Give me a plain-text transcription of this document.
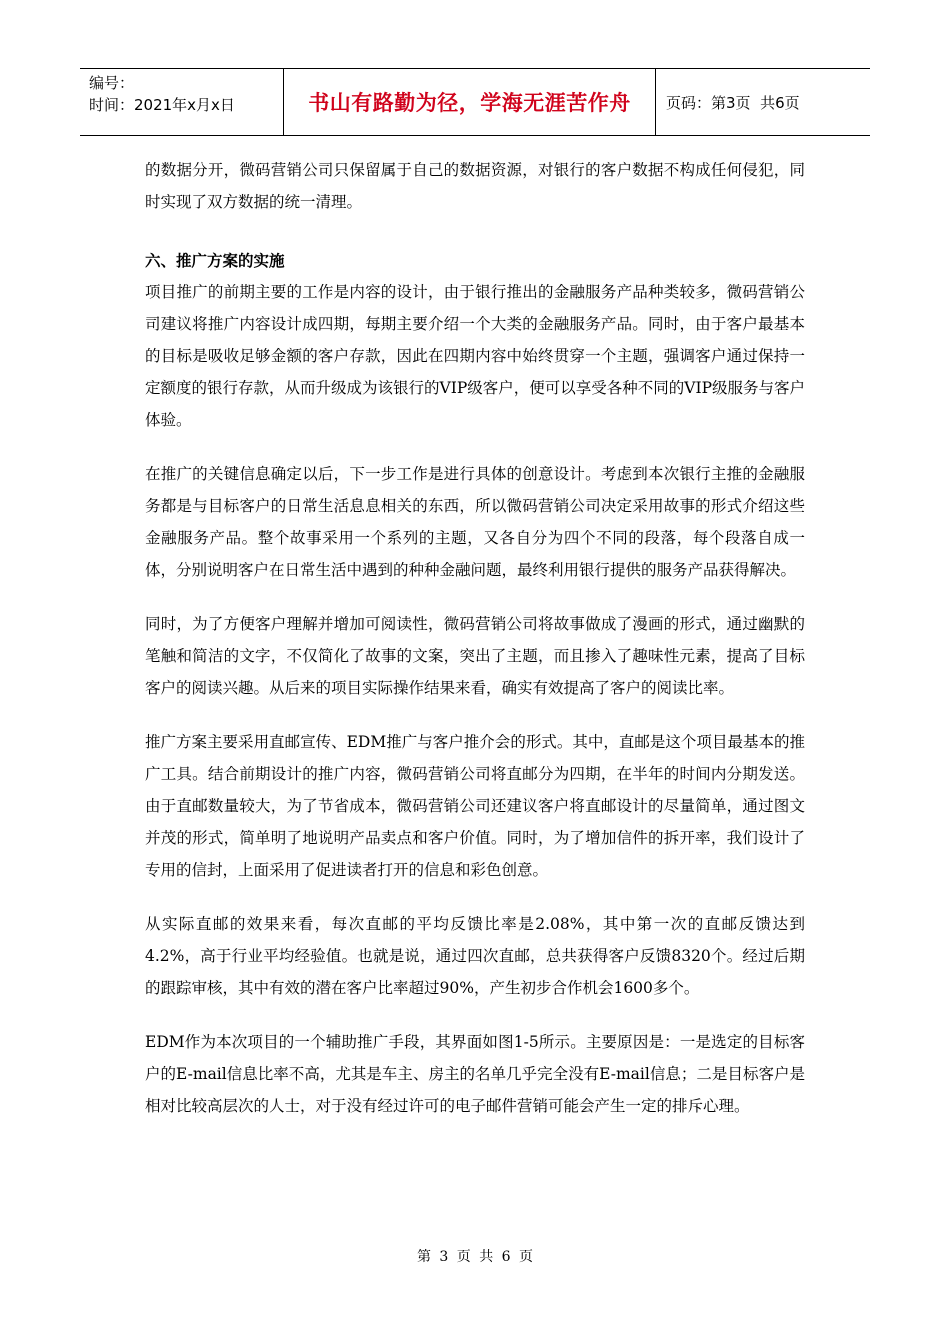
编号：
时间：2021年x月x日	书山有路勤为径，学海无涯苦作舟 页码：第3页  共6页

的数据分开，微码营销公司只保留属于自己的数据资源，对银行的客户数据不构成任何侵犯，同时实现了双方数据的统一清理。

六、推广方案的实施

项目推广的前期主要的工作是内容的设计，由于银行推出的金融服务产品种类较多，微码营销公司建议将推广内容设计成四期，每期主要介绍一个大类的金融服务产品。同时，由于客户最基本的目标是吸收足够金额的客户存款，因此在四期内容中始终贯穿一个主题，强调客户通过保持一定额度的银行存款，从而升级成为该银行的VIP级客户，便可以享受各种不同的VIP级服务与客户体验。

在推广的关键信息确定以后，下一步工作是进行具体的创意设计。考虑到本次银行主推的金融服务都是与目标客户的日常生活息息相关的东西，所以微码营销公司决定采用故事的形式介绍这些金融服务产品。整个故事采用一个系列的主题，又各自分为四个不同的段落，每个段落自成一体，分别说明客户在日常生活中遇到的种种金融问题，最终利用银行提供的服务产品获得解决。

同时，为了方便客户理解并增加可阅读性，微码营销公司将故事做成了漫画的形式，通过幽默的笔触和简洁的文字，不仅简化了故事的文案，突出了主题，而且掺入了趣味性元素，提高了目标客户的阅读兴趣。从后来的项目实际操作结果来看，确实有效提高了客户的阅读比率。

推广方案主要采用直邮宣传、EDM推广与客户推介会的形式。其中，直邮是这个项目最基本的推广工具。结合前期设计的推广内容，微码营销公司将直邮分为四期，在半年的时间内分期发送。由于直邮数量较大，为了节省成本，微码营销公司还建议客户将直邮设计的尽量简单，通过图文并茂的形式，简单明了地说明产品卖点和客户价值。同时，为了增加信件的拆开率，我们设计了专用的信封，上面采用了促进读者打开的信息和彩色创意。

从实际直邮的效果来看，每次直邮的平均反馈比率是2.08%，其中第一次的直邮反馈达到4.2%，高于行业平均经验值。也就是说，通过四次直邮，总共获得客户反馈8320个。经过后期的跟踪审核，其中有效的潜在客户比率超过90%，产生初步合作机会1600多个。

EDM作为本次项目的一个辅助推广手段，其界面如图1-5所示。主要原因是：一是选定的目标客户的E-mail信息比率不高，尤其是车主、房主的名单几乎完全没有E-mail信息；二是目标客户是相对比较高层次的人士，对于没有经过许可的电子邮件营销可能会产生一定的排斥心理。

第 3 页 共 6 页
